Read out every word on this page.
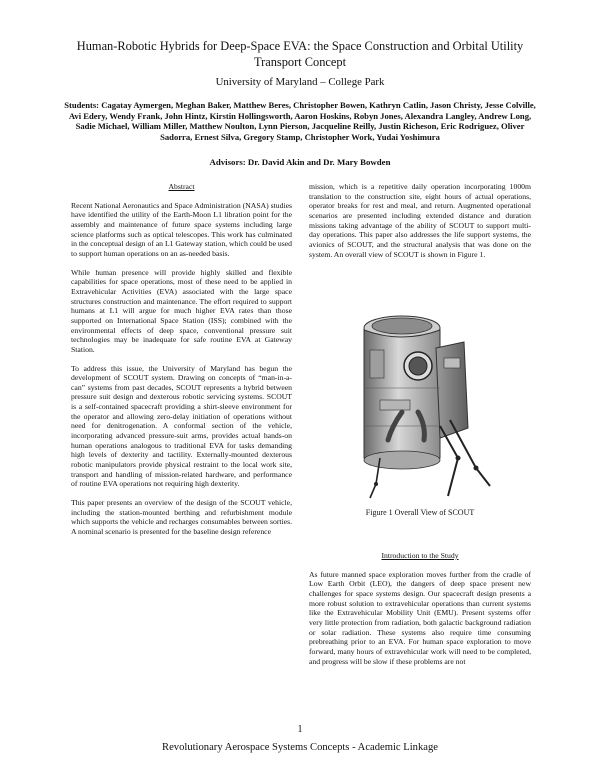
Human-Robotic Hybrids for Deep-Space EVA: the Space Construction and Orbital Utility Transport Concept
University of Maryland – College Park
Students: Cagatay Aymergen, Meghan Baker, Matthew Beres, Christopher Bowen, Kathryn Catlin, Jason Christy, Jesse Colville, Avi Edery, Wendy Frank, John Hintz, Kirstin Hollingsworth, Aaron Hoskins, Robyn Jones, Alexandra Langley, Andrew Long, Sadie Michael, William Miller, Matthew Noulton, Lynn Pierson, Jacqueline Reilly, Justin Richeson, Eric Rodriguez, Oliver Sadorra, Ernest Silva, Gregory Stamp, Christopher Work, Yudai Yoshimura
Advisors: Dr. David Akin and Dr. Mary Bowden
Abstract

Recent National Aeronautics and Space Administration (NASA) studies have identified the utility of the Earth-Moon L1 libration point for the assembly and maintenance of future space systems including large science platforms such as optical telescopes. This work has culminated in the conceptual design of an L1 Gateway station, which could be used to support human operations on an as-needed basis.

While human presence will provide highly skilled and flexible capabilities for space operations, most of these need to be applied in Extravehicular Activities (EVA) associated with the large space structures construction and maintenance. The effort required to support humans at L1 will argue for much higher EVA rates than those supported on International Space Station (ISS); combined with the environmental effects of deep space, conventional pressure suit technologies may be inadequate for safe routine EVA at Gateway Station.

To address this issue, the University of Maryland has begun the development of SCOUT system. Drawing on concepts of “man-in-a-can” systems from past decades, SCOUT represents a hybrid between pressure suit design and dexterous robotic servicing systems. SCOUT is a self-contained spacecraft providing a shirt-sleeve environment for the operator and allowing zero-delay initiation of operations without need for denitrogenation. A conformal section of the vehicle, incorporating advanced pressure-suit arms, provides actual hands-on human operations analogous to traditional EVA for tasks demanding high levels of dexterity and tactility. Externally-mounted dexterous robotic manipulators provide physical restraint to the local work site, transport and handling of mission-related hardware, and performance of routine EVA operations not requiring high dexterity.

This paper presents an overview of the design of the SCOUT vehicle, including the station-mounted berthing and refurbishment module which supports the vehicle and recharges consumables between sorties. A nominal scenario is presented for the baseline design reference

mission, which is a repetitive daily operation incorporating 1000m translation to the construction site, eight hours of actual operations, operator breaks for rest and meal, and return. Augmented operational scenarios are presented including extended distance and duration missions taking advantage of the ability of SCOUT to support multi-day operations. This paper also addresses the life support systems, the avionics of SCOUT, and the structural analysis that was done on the system. An overall view of SCOUT is shown in Figure 1.

Figure 1 Overall View of SCOUT
Introduction to the Study

As future manned space exploration moves further from the cradle of Low Earth Orbit (LEO), the dangers of deep space present new challenges for space systems design. Our spacecraft design presents a more robust solution to extravehicular operations than current systems like the Extravehicular Mobility Unit (EMU). Present systems offer very little protection from radiation, both galactic background radiation or solar radiation. These systems also require time consuming prebreathing prior to an EVA. For human space exploration to move forward, many hours of extravehicular work will need to be completed, and progress will be slow if these problems are not

1
Revolutionary Aerospace Systems Concepts - Academic Linkage
